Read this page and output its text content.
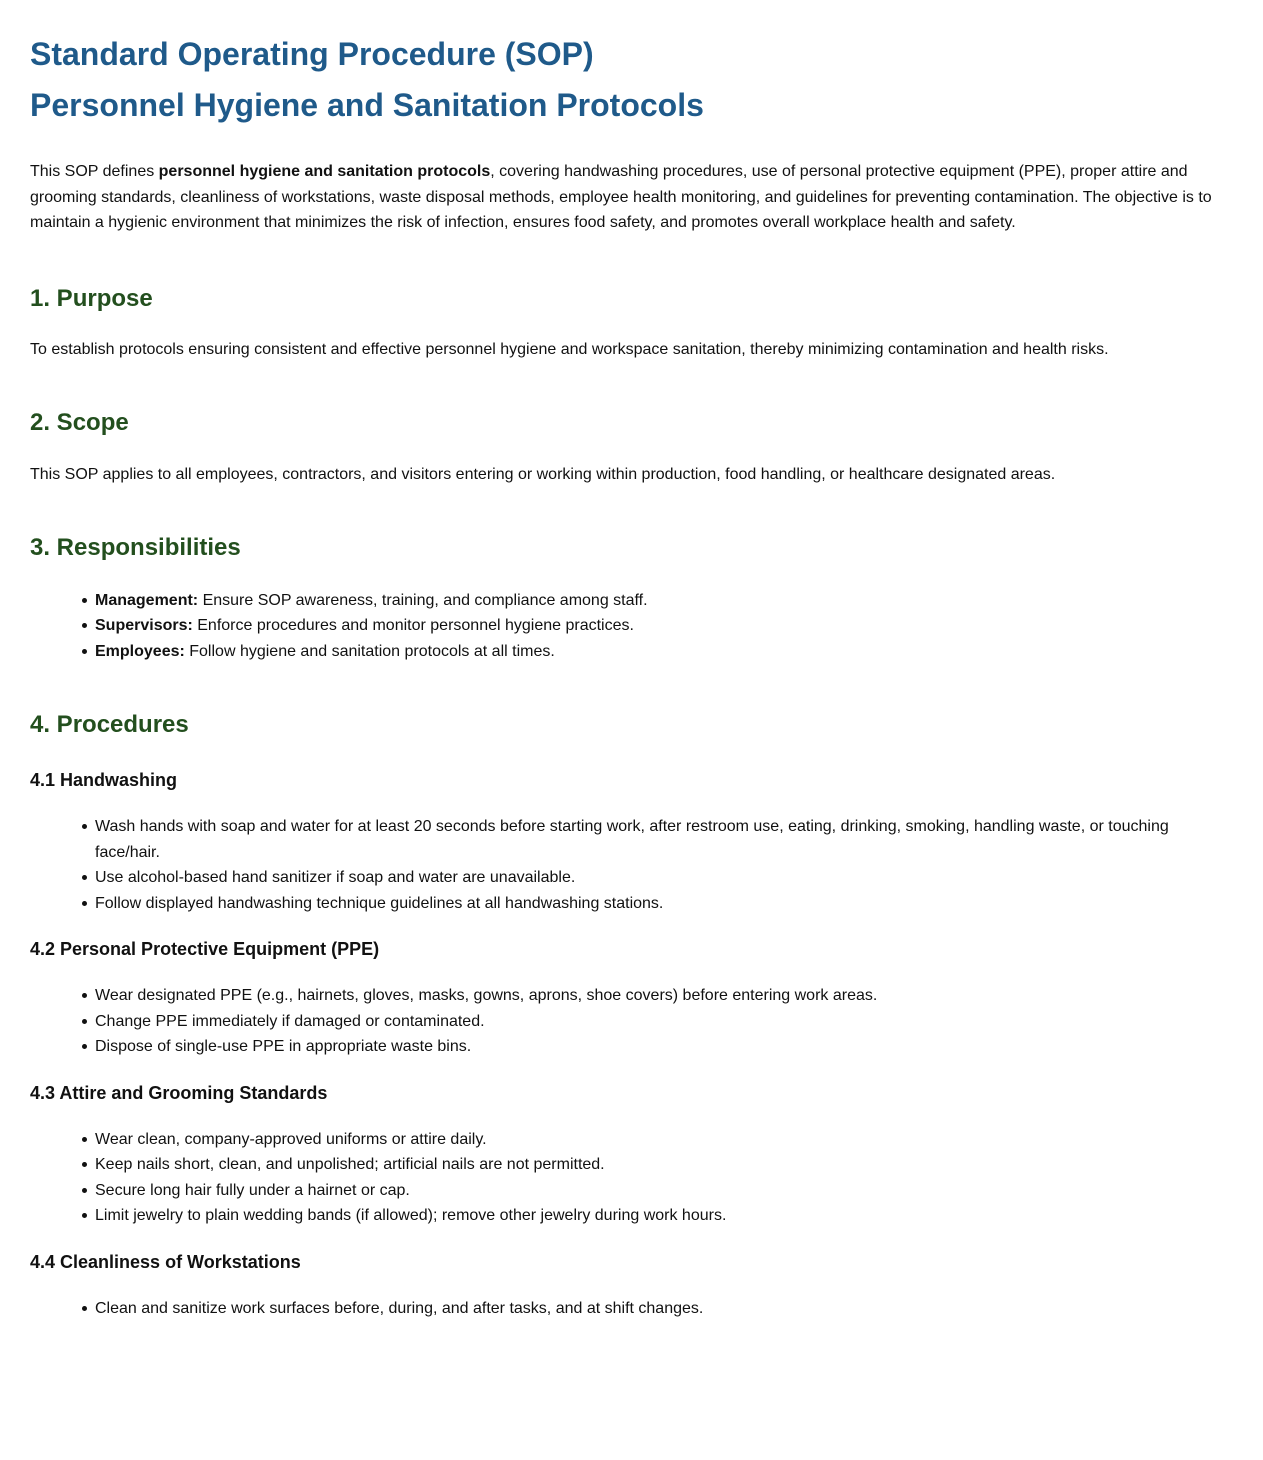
Standard Operating Procedure (SOP)
Personnel Hygiene and Sanitation Protocols

This SOP defines personnel hygiene and sanitation protocols, covering handwashing procedures, use of personal protective equipment (PPE), proper attire and grooming standards, cleanliness of workstations, waste disposal methods, employee health monitoring, and guidelines for preventing contamination. The objective is to maintain a hygienic environment that minimizes the risk of infection, ensures food safety, and promotes overall workplace health and safety.

1. Purpose

To establish protocols ensuring consistent and effective personnel hygiene and workspace sanitation, thereby minimizing contamination and health risks.

2. Scope

This SOP applies to all employees, contractors, and visitors entering or working within production, food handling, or healthcare designated areas.

3. Responsibilities
Management: Ensure SOP awareness, training, and compliance among staff.
Supervisors: Enforce procedures and monitor personnel hygiene practices.
Employees: Follow hygiene and sanitation protocols at all times.
4. Procedures
4.1 Handwashing
Wash hands with soap and water for at least 20 seconds before starting work, after restroom use, eating, drinking, smoking, handling waste, or touching face/hair.
Use alcohol-based hand sanitizer if soap and water are unavailable.
Follow displayed handwashing technique guidelines at all handwashing stations.
4.2 Personal Protective Equipment (PPE)
Wear designated PPE (e.g., hairnets, gloves, masks, gowns, aprons, shoe covers) before entering work areas.
Change PPE immediately if damaged or contaminated.
Dispose of single-use PPE in appropriate waste bins.
4.3 Attire and Grooming Standards
Wear clean, company-approved uniforms or attire daily.
Keep nails short, clean, and unpolished; artificial nails are not permitted.
Secure long hair fully under a hairnet or cap.
Limit jewelry to plain wedding bands (if allowed); remove other jewelry during work hours.
4.4 Cleanliness of Workstations
Clean and sanitize work surfaces before, during, and after tasks, and at shift changes.
